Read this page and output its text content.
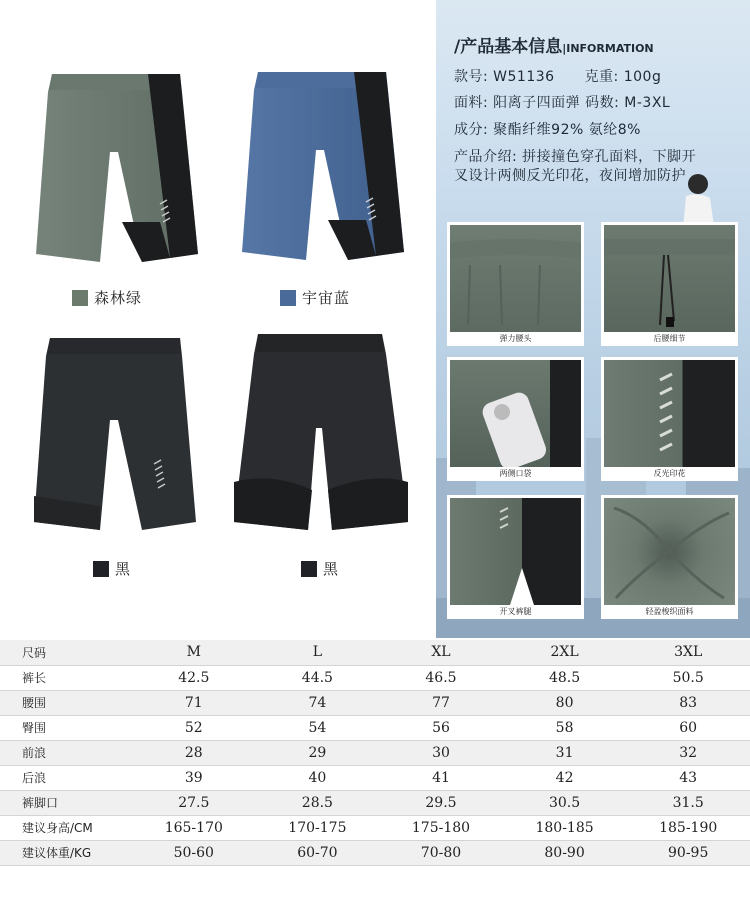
森林绿	宇宙蓝
黑	黑
/产品基本信息|INFORMATION
款号: W51136 克重: 100g
面料: 阳离子四面弹 码数: M-3XL
成分: 聚酯纤维92% 氨纶8%
产品介绍: 拼接撞色穿孔面料，下脚开
叉设计两侧反光印花，夜间增加防护
弹力腰头	后腰细节
两侧口袋	反光印花
开叉裤腿	轻盈梭织面料
尺码	M	L	XL	2XL	3XL
裤长	42.5	44.5	46.5	48.5	50.5
腰围	71	74	77	80	83
臀围	52	54	56	58	60
前浪	28	29	30	31	32
后浪	39	40	41	42	43
裤脚口	27.5	28.5	29.5	30.5	31.5
建议身高/CM	165-170	170-175	175-180	180-185	185-190
建议体重/KG	50-60	60-70	70-80	80-90	90-95
